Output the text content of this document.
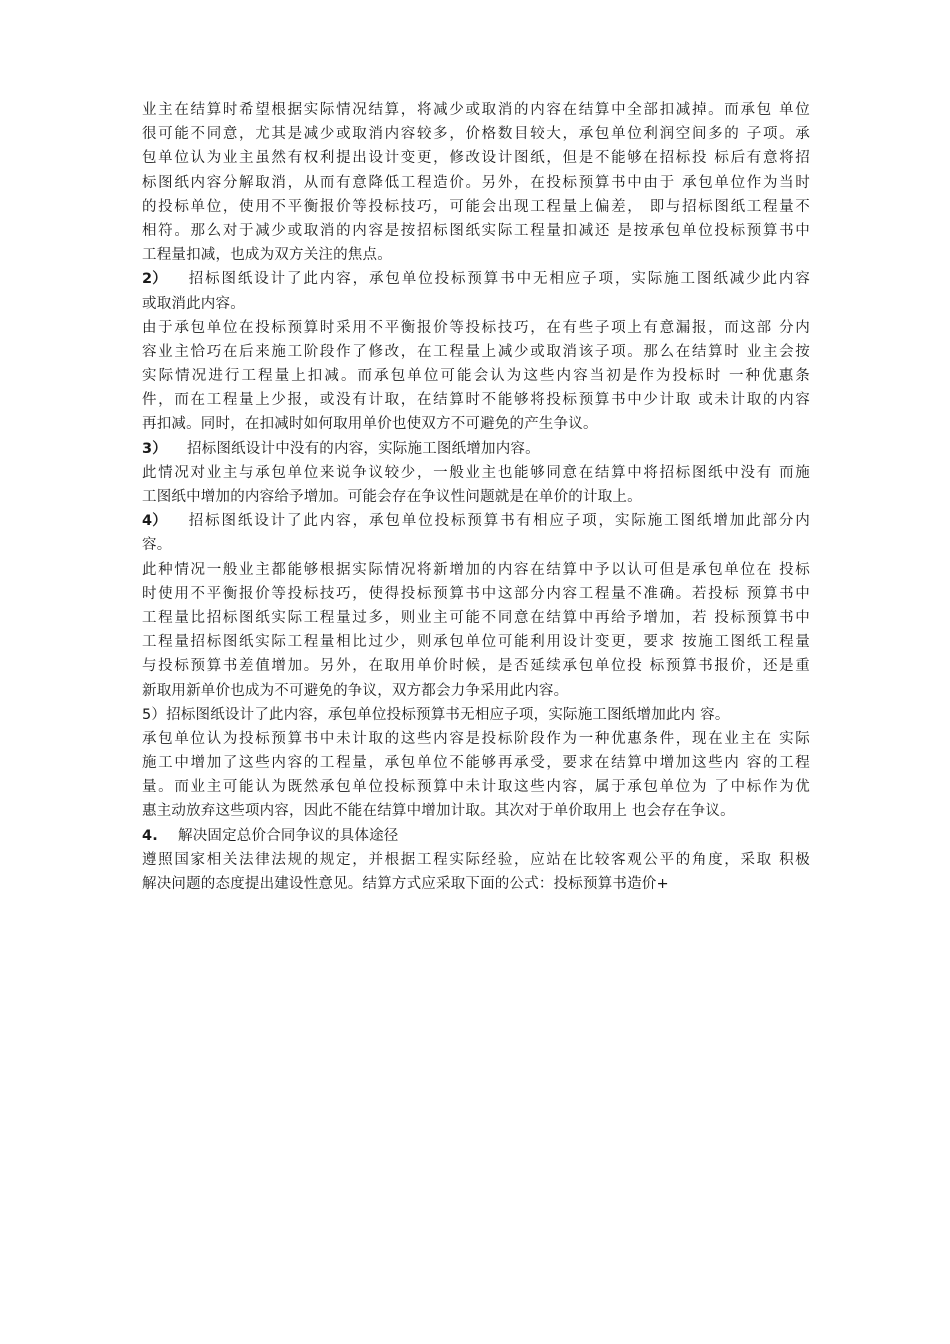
业主在结算时希望根据实际情况结算，将减少或取消的内容在结算中全部扣减掉。而承包 单位
很可能不同意，尤其是减少或取消内容较多，价格数目较大，承包单位利润空间多的 子项。承
包单位认为业主虽然有权利提出设计变更，修改设计图纸，但是不能够在招标投 标后有意将招
标图纸内容分解取消，从而有意降低工程造价。另外，在投标预算书中由于 承包单位作为当时
的投标单位，使用不平衡报价等投标技巧，可能会出现工程量上偏差， 即与招标图纸工程量不
相符。那么对于减少或取消的内容是按招标图纸实际工程量扣减还 是按承包单位投标预算书中
工程量扣减，也成为双方关注的焦点。
2） 招标图纸设计了此内容，承包单位投标预算书中无相应子项，实际施工图纸减少此内容
或取消此内容。
由于承包单位在投标预算时采用不平衡报价等投标技巧，在有些子项上有意漏报，而这部 分内
容业主恰巧在后来施工阶段作了修改，在工程量上减少或取消该子项。那么在结算时 业主会按
实际情况进行工程量上扣减。而承包单位可能会认为这些内容当初是作为投标时 一种优惠条
件，而在工程量上少报，或没有计取，在结算时不能够将投标预算书中少计取 或未计取的内容
再扣减。同时，在扣减时如何取用单价也使双方不可避免的产生争议。
3） 招标图纸设计中没有的内容，实际施工图纸增加内容。
此情况对业主与承包单位来说争议较少，一般业主也能够同意在结算中将招标图纸中没有 而施
工图纸中增加的内容给予增加。可能会存在争议性问题就是在单价的计取上。
4） 招标图纸设计了此内容，承包单位投标预算书有相应子项，实际施工图纸增加此部分内
容。
此种情况一般业主都能够根据实际情况将新增加的内容在结算中予以认可但是承包单位在 投标
时使用不平衡报价等投标技巧，使得投标预算书中这部分内容工程量不准确。若投标 预算书中
工程量比招标图纸实际工程量过多，则业主可能不同意在结算中再给予增加，若 投标预算书中
工程量招标图纸实际工程量相比过少，则承包单位可能利用设计变更，要求 按施工图纸工程量
与投标预算书差值增加。另外，在取用单价时候，是否延续承包单位投 标预算书报价，还是重
新取用新单价也成为不可避免的争议，双方都会力争采用此内容。
5）招标图纸设计了此内容，承包单位投标预算书无相应子项，实际施工图纸增加此内 容。
承包单位认为投标预算书中未计取的这些内容是投标阶段作为一种优惠条件，现在业主在 实际
施工中增加了这些内容的工程量，承包单位不能够再承受，要求在结算中增加这些内 容的工程
量。而业主可能认为既然承包单位投标预算中未计取这些内容，属于承包单位为 了中标作为优
惠主动放弃这些项内容，因此不能在结算中增加计取。其次对于单价取用上 也会存在争议。
4. 解决固定总价合同争议的具体途径
遵照国家相关法律法规的规定，并根据工程实际经验，应站在比较客观公平的角度，采取 积极
解决问题的态度提出建设性意见。结算方式应采取下面的公式：投标预算书造价+
